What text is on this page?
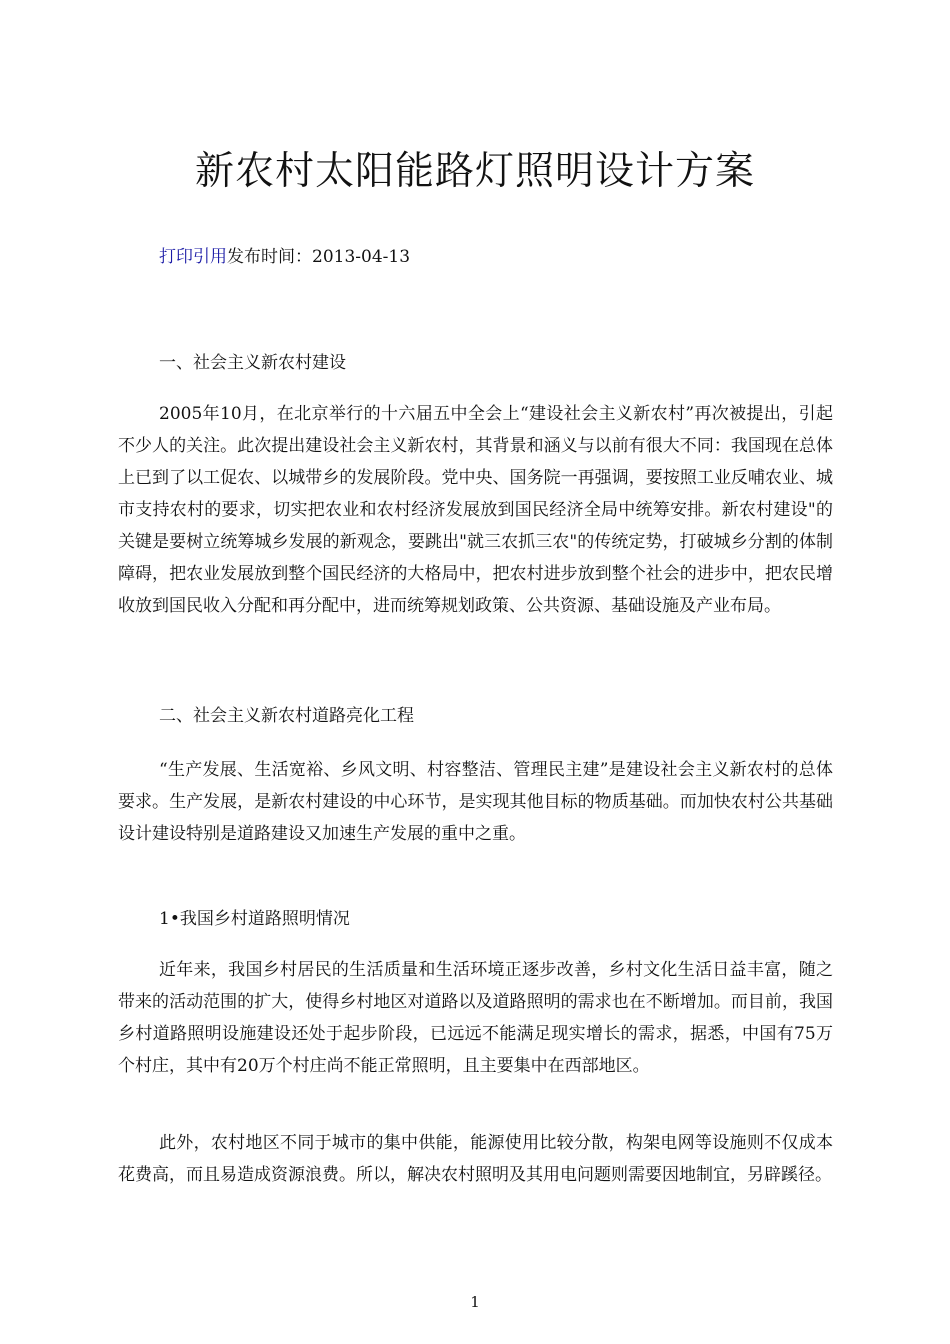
新农村太阳能路灯照明设计方案
打印引用发布时间：2013-04-13

一、社会主义新农村建设

2005年10月，在北京举行的十六届五中全会上“建设社会主义新农村”再次被提出，引起不少人的关注。此次提出建设社会主义新农村，其背景和涵义与以前有很大不同：我国现在总体上已到了以工促农、以城带乡的发展阶段。党中央、国务院一再强调，要按照工业反哺农业、城市支持农村的要求，切实把农业和农村经济发展放到国民经济全局中统筹安排。新农村建设"的关键是要树立统筹城乡发展的新观念，要跳出"就三农抓三农"的传统定势，打破城乡分割的体制障碍，把农业发展放到整个国民经济的大格局中，把农村进步放到整个社会的进步中，把农民增收放到国民收入分配和再分配中，进而统筹规划政策、公共资源、基础设施及产业布局。

二、社会主义新农村道路亮化工程

“生产发展、生活宽裕、乡风文明、村容整洁、管理民主建”是建设社会主义新农村的总体要求。生产发展，是新农村建设的中心环节，是实现其他目标的物质基础。而加快农村公共基础设计建设特别是道路建设又加速生产发展的重中之重。

1•我国乡村道路照明情况

近年来，我国乡村居民的生活质量和生活环境正逐步改善，乡村文化生活日益丰富，随之带来的活动范围的扩大，使得乡村地区对道路以及道路照明的需求也在不断增加。而目前，我国乡村道路照明设施建设还处于起步阶段，已远远不能满足现实增长的需求，据悉，中国有75万个村庄，其中有20万个村庄尚不能正常照明，且主要集中在西部地区。

此外，农村地区不同于城市的集中供能，能源使用比较分散，构架电网等设施则不仅成本花费高，而且易造成资源浪费。所以，解决农村照明及其用电问题则需要因地制宜，另辟蹊径。

1
